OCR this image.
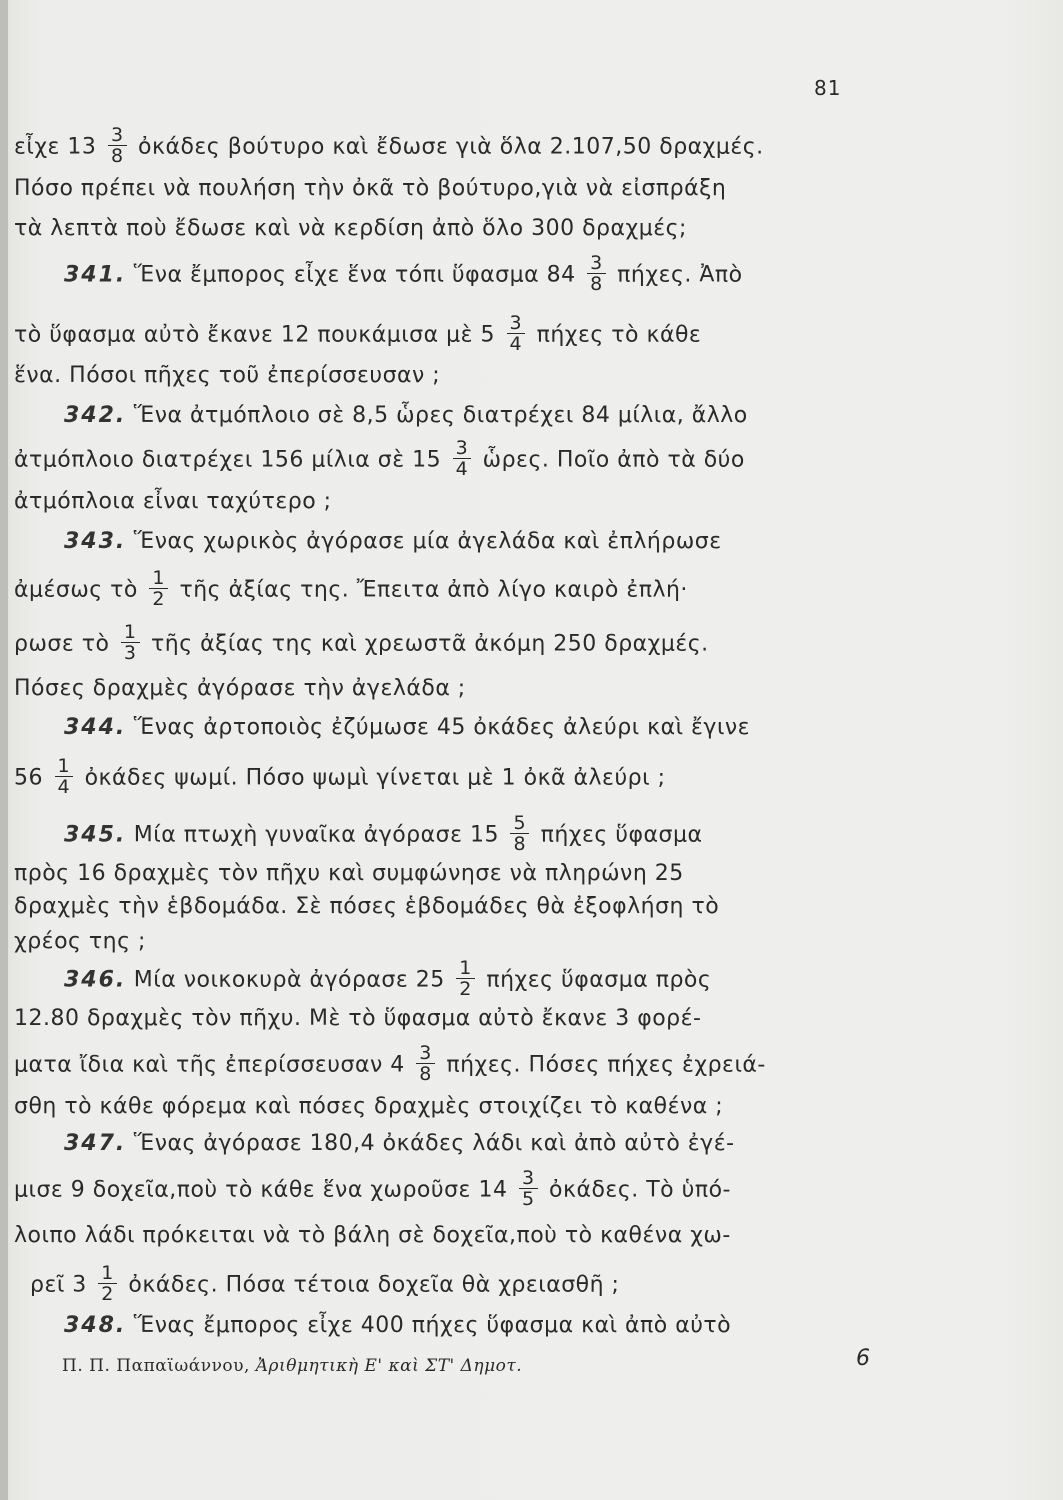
81
εἶχε $13 \frac{3}{8}$ ὀκάδες βούτυρο καὶ ἔδωσε γιὰ ὅλα 2.107,50 δραχμές.
Πόσο πρέπει νὰ πουλήση τὴν ὀκᾶ τὸ βούτυρο,γιὰ νὰ εἰσπράξη
τὰ λεπτὰ ποὺ ἔδωσε καὶ νὰ κερδίση ἀπὸ ὅλο 300 δραχμές;
341. Ἕνα ἔμπορος εἶχε ἕνα τόπι ὕφασμα $84 \frac{3}{8} \pi ή\chi\varepsilon\varsigma$. Ἀπὸ
τὸ ὕφασμα αὐτὸ ἔκανε 12 πουκάμισα μὲ $5 \frac{3}{4}$ πήχες τὸ κάθε
ἕνα. Πόσοι πῆχες τοῦ ἐπερίσσευσαν ;
342. Ἕνα ἀτμόπλοιο σὲ 8,5 ὧρες διατρέχει 84 μίλια, ἄλλο
ἀτμόπλοιο διατρέχει 156 μίλια σὲ $15 \frac{3}{4}$ ὧρες. Ποῖο ἀπὸ τὰ δύο
ἀτμόπλοια εἶναι ταχύτερο ;
343. Ἕνας χωρικὸς ἀγόρασε μία ἀγελάδα καὶ ἐπλήρωσε
ἀμέσως τὸ $\frac{1}{2}$ τῆς ἀξίας της. Ἔπειτα ἀπὸ λίγο καιρὸ ἐπλή·
ρωσε τὸ $\frac{1}{3}$ τῆς ἀξίας της καὶ χρεωστᾶ ἀκόμη 250 δραχμές.
Πόσες δραχμὲς ἀγόρασε τὴν ἀγελάδα ;
344. Ἕνας ἀρτοποιὸς ἐζύμωσε 45 ὀκάδες ἀλεύρι καὶ ἔγινε
$56 \frac{1}{4}$ ὀκάδες ψωμί. Πόσο ψωμὶ γίνεται μὲ 1 ὀκᾶ ἀλεύρι ;
345. Μία πτωχὴ γυναῖκα ἀγόρασε $15 \frac{5}{8}$ πήχες ὕφασμα
πρὸς 16 δραχμὲς τὸν πῆχυ καὶ συμφώνησε νὰ πληρώνη 25
δραχμὲς τὴν ἑβδομάδα. Σὲ πόσες ἑβδομάδες θὰ ἐξοφλήση τὸ
χρέος της ;
346. Μία νοικοκυρὰ ἀγόρασε $25 \frac{1}{2}$ πήχες ὕφασμα πρὸς
12.80 δραχμὲς τὸν πῆχυ. Μὲ τὸ ὕφασμα αὐτὸ ἔκανε 3 φορέ-
ματα ἴδια καὶ τῆς ἐπερίσσευσαν $4 \frac{3}{8} \pi ή\chi\varepsilon\varsigma$. Πόσες πήχες ἐχρειά-
σθη τὸ κάθε φόρεμα καὶ πόσες δραχμὲς στοιχίζει τὸ καθένα ;
347. Ἕνας ἀγόρασε 180,4 ὀκάδες λάδι καὶ ἀπὸ αὐτὸ ἐγέ-
μισε 9 δοχεῖα,ποὺ τὸ κάθε ἕνα χωροῦσε $14 \frac{3}{5}$ ὀκάδες. Τὸ ὑπό-
λοιπο λάδι πρόκειται νὰ τὸ βάλη σὲ δοχεῖα,ποὺ τὸ καθένα χω-
ρεῖ $3 \frac{1}{2}$ ὀκάδες. Πόσα τέτοια δοχεῖα θὰ χρειασθῆ ;
348. Ἕνας ἔμπορος εἶχε 400 πήχες ὕφασμα καὶ ἀπὸ αὐτὸ
Π. Π. Παπαϊωάννου, Ἀριθμητικὴ Ε' καὶ ΣΤ' Δημοτ.	6
